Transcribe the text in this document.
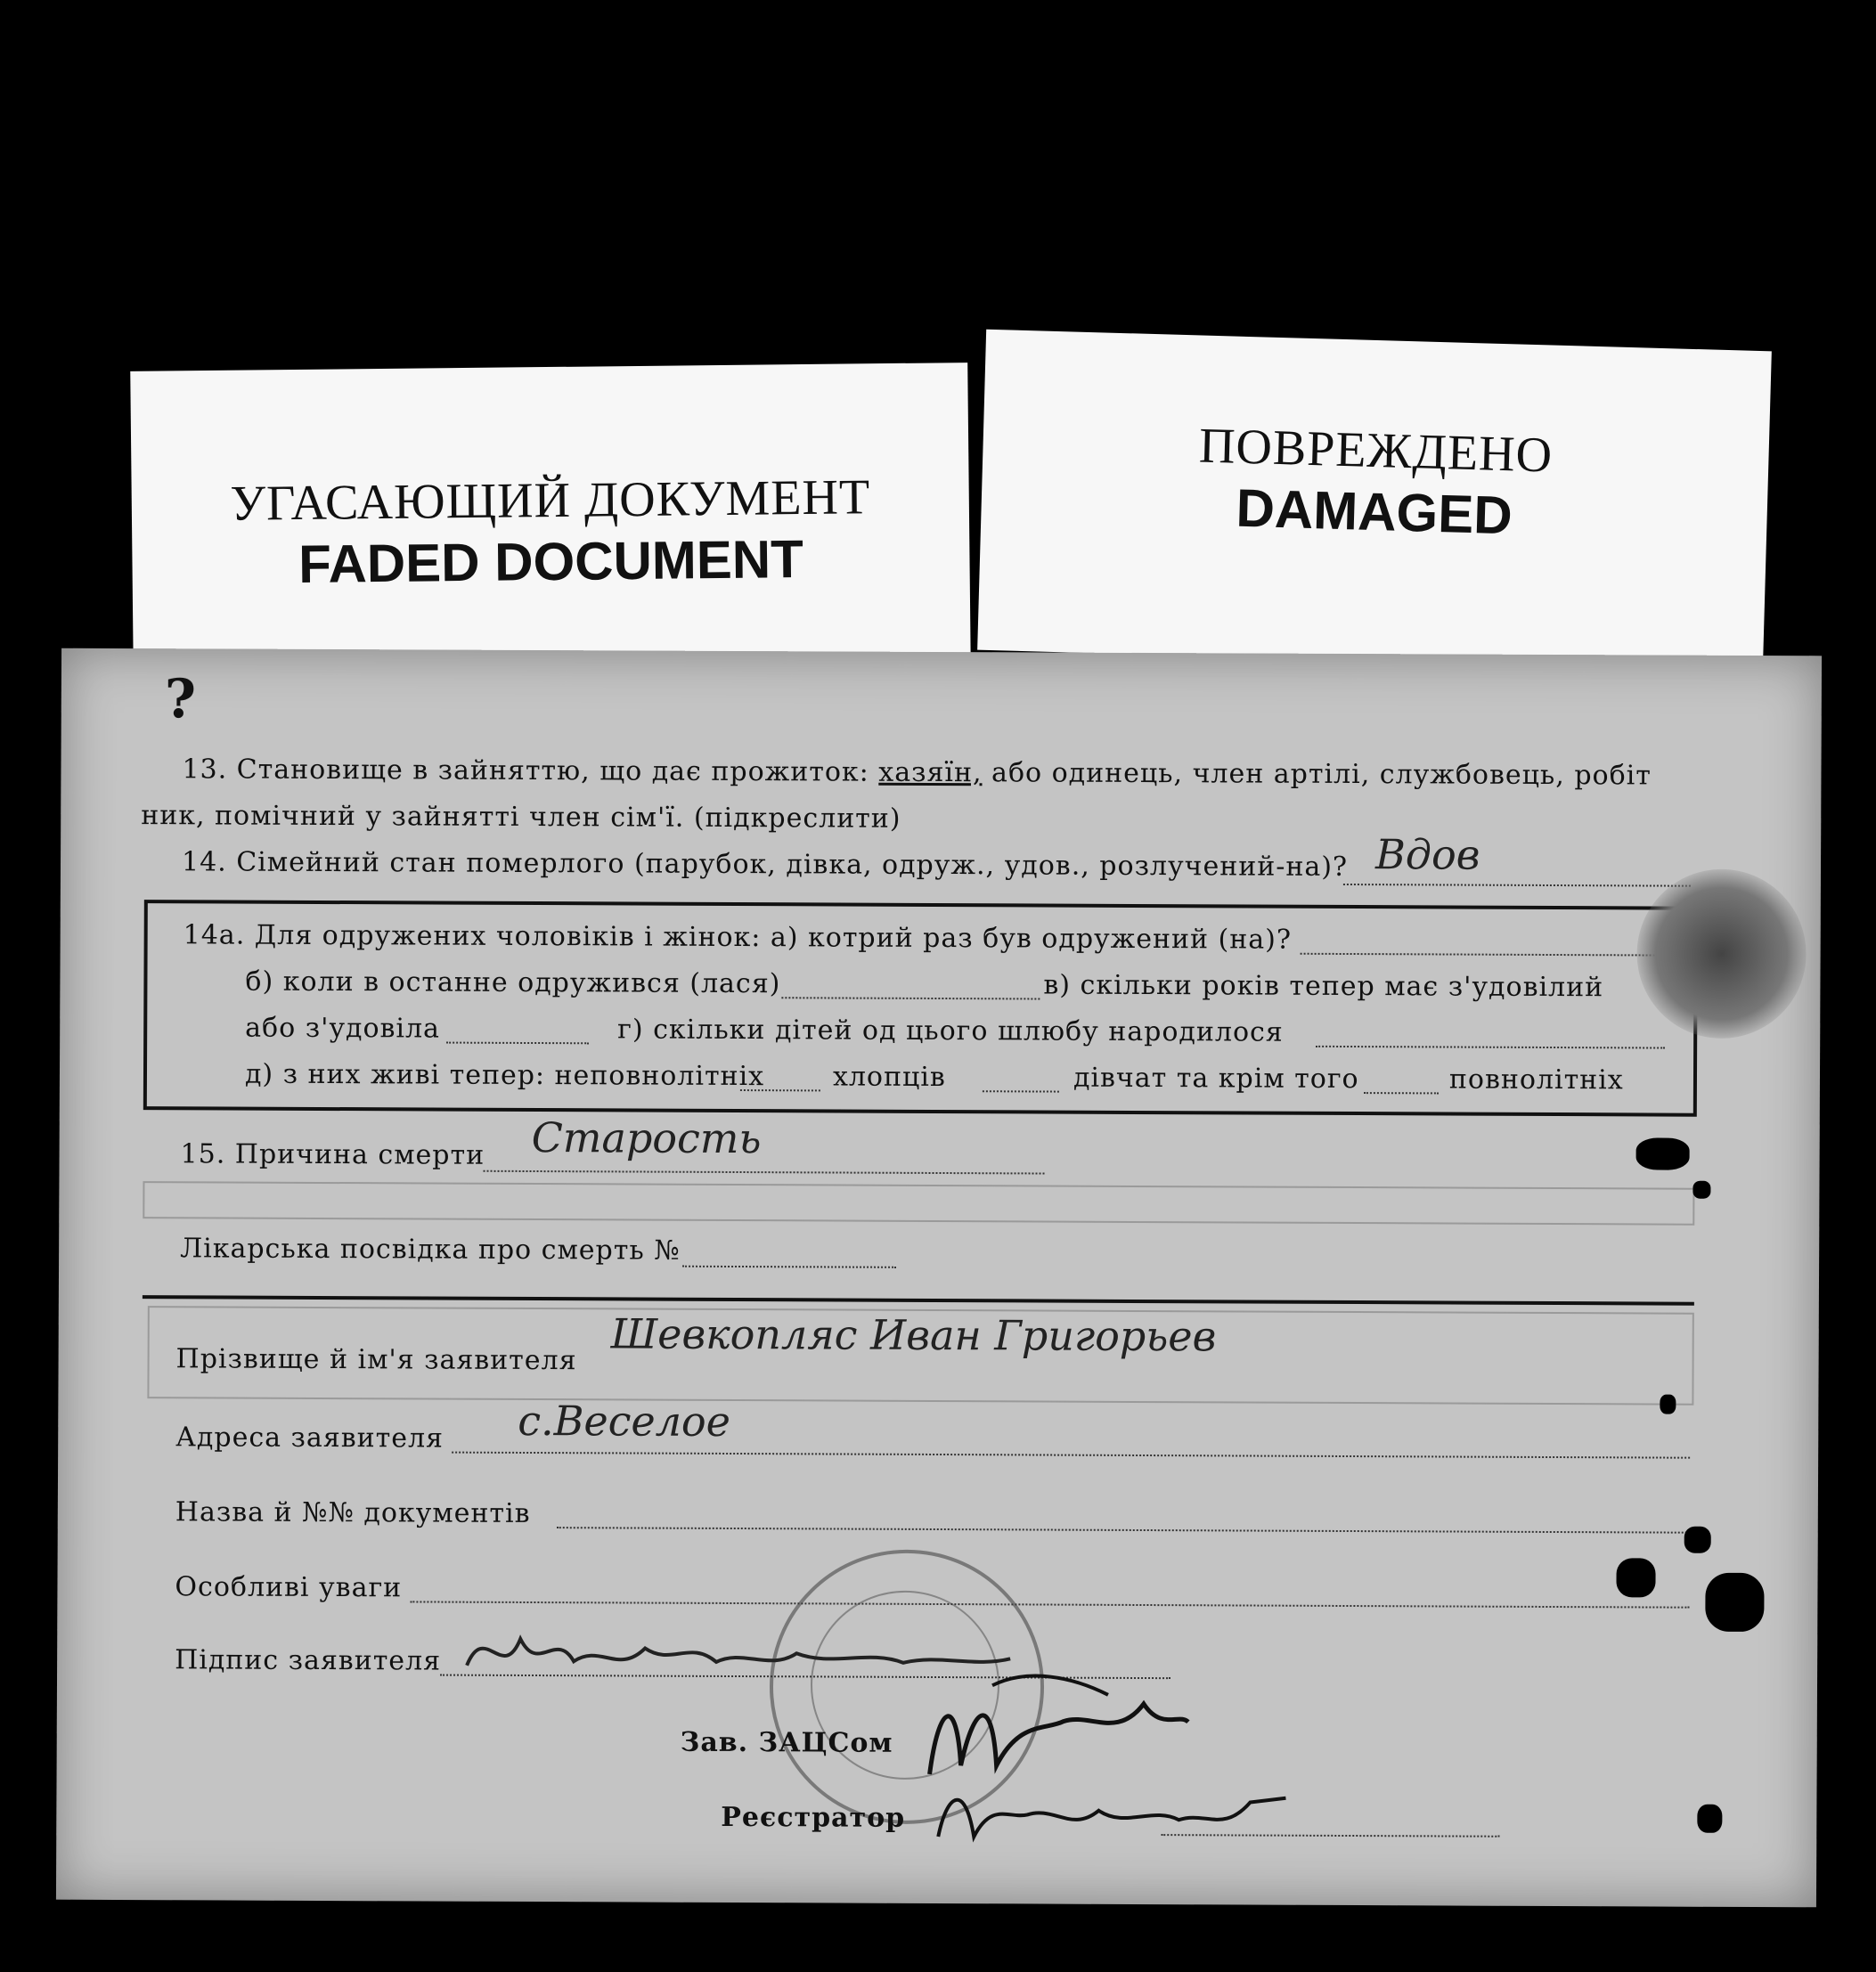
УГАСАЮЩИЙ ДОКУМЕНТ
FADED DOCUMENT
ПОВРЕЖДЕНО
DAMAGED
?
13. Становище в зайняттю, що дає прожиток: хазяїн, або одинець, член артілі, службовець, робіт
ник, помічний у зайнятті член сім'ї. (підкреслити)
14. Сімейний стан померлого (парубок, дівка, одруж., удов., розлучений-на)? Вдов
14а. Для одружених чоловіків і жінок: а) котрий раз був одружений (на)?
б) коли в останне одружився (лася)	в) скільки років тепер має з'удовілий
або з'удовіла	г) скільки дітей од цього шлюбу народилося
д) з них живі тепер: неповнолітніх	хлопців	дівчат та крім того	повнолітніх
15. Причина смерти Старость
Лікарська посвідка про смерть №
Прізвище й ім'я заявителя Шевкопляс Иван Григорьев
Адреса заявителя с.Веселое
Назва й №№ документів
Особливі уваги
Підпис заявителя
Зав. ЗАЦСом
Реєстратор
